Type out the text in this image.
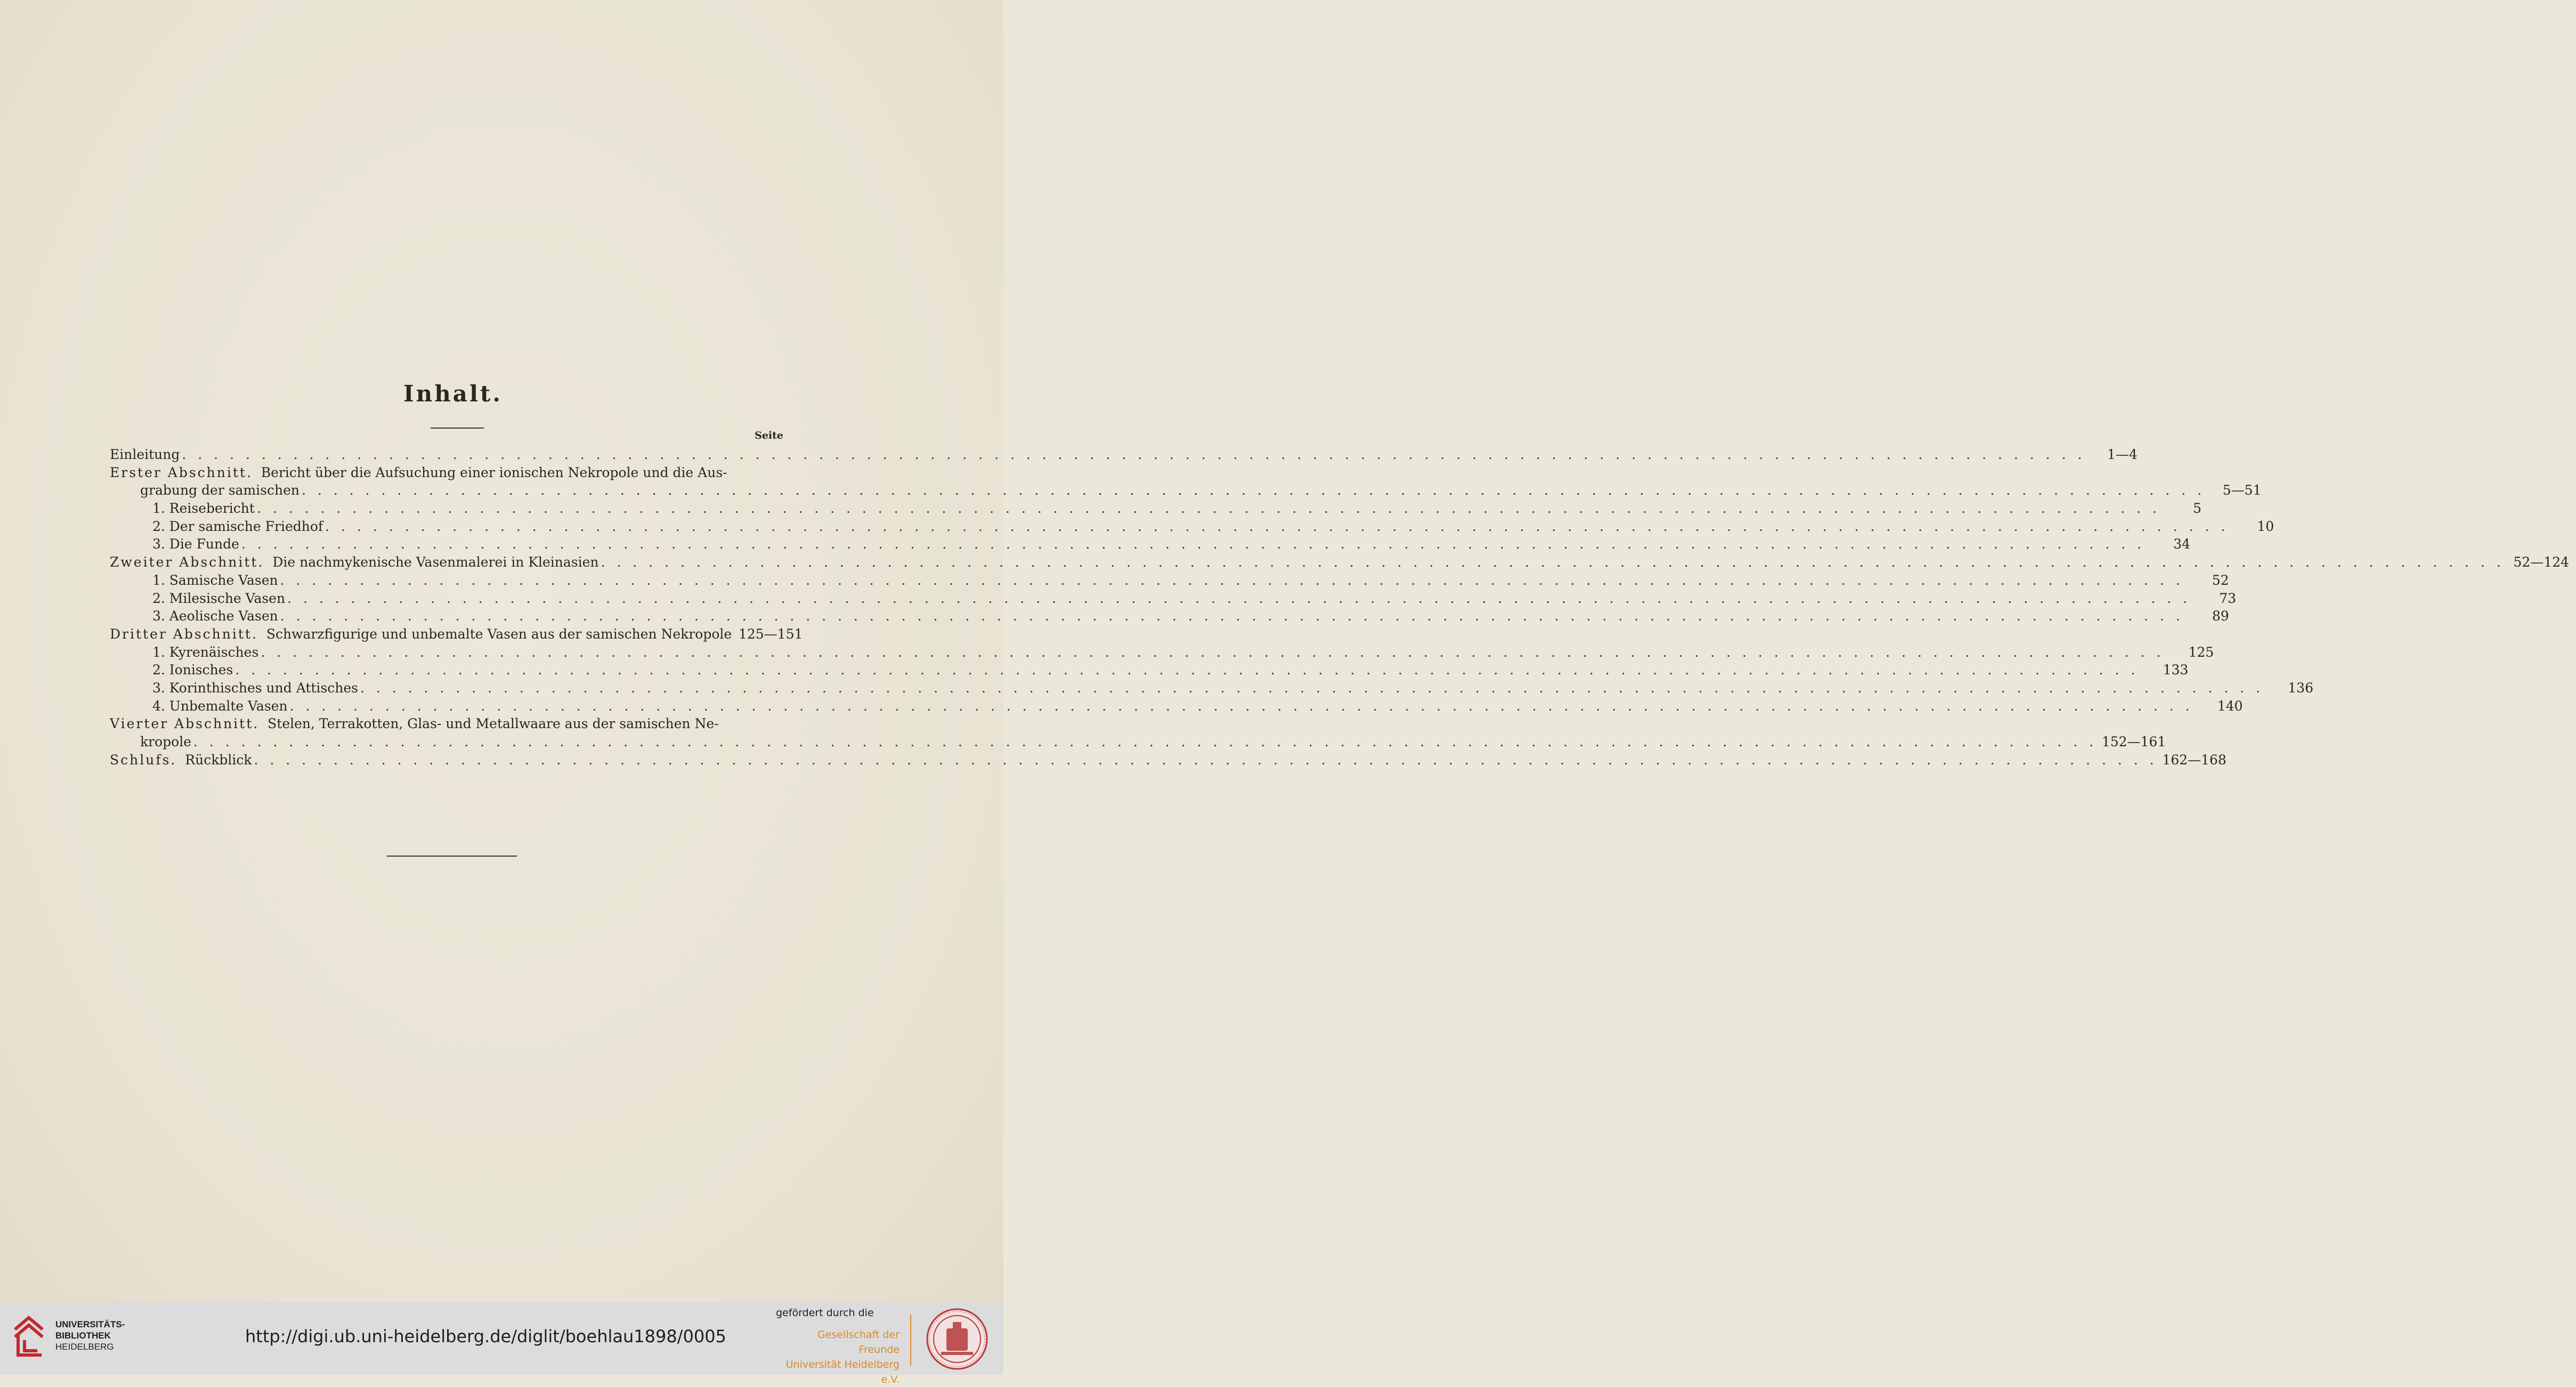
Inhalt.
Seite
Einleitung . . . . . . . . . . . . . . . . . . . . . . . . . . . . . . . . . . . . . . . . . . . . . . . . . . . . . . . . . . . . . . . . . . . . . . . . . . . . . . . . . . . . . . . . . . . . . . . . . . . . . . . . . . . . . . . . . . . . . . . .	1—4
Erster Abschnitt. Bericht über die Aufsuchung einer ionischen Nekropole und die Aus-
grabung der samischen . . . . . . . . . . . . . . . . . . . . . . . . . . . . . . . . . . . . . . . . . . . . . . . . . . . . . . . . . . . . . . . . . . . . . . . . . . . . . . . . . . . . . . . . . . . . . . . . . . . . . . . . . . . . . . . . . . . . . . . .	5—51
1. Reisebericht . . . . . . . . . . . . . . . . . . . . . . . . . . . . . . . . . . . . . . . . . . . . . . . . . . . . . . . . . . . . . . . . . . . . . . . . . . . . . . . . . . . . . . . . . . . . . . . . . . . . . . . . . . . . . . . . . . . . . . . .	5
2. Der samische Friedhof . . . . . . . . . . . . . . . . . . . . . . . . . . . . . . . . . . . . . . . . . . . . . . . . . . . . . . . . . . . . . . . . . . . . . . . . . . . . . . . . . . . . . . . . . . . . . . . . . . . . . . . . . . . . . . . . . . . . . . . .	10
3. Die Funde . . . . . . . . . . . . . . . . . . . . . . . . . . . . . . . . . . . . . . . . . . . . . . . . . . . . . . . . . . . . . . . . . . . . . . . . . . . . . . . . . . . . . . . . . . . . . . . . . . . . . . . . . . . . . . . . . . . . . . . .	34
Zweiter Abschnitt. Die nachmykenische Vasenmalerei in Kleinasien . . . . . . . . . . . . . . . . . . . . . . . . . . . . . . . . . . . . . . . . . . . . . . . . . . . . . . . . . . . . . . . . . . . . . . . . . . . . . . . . . . . . . . . . . . . . . . . . . . . . . . . . . . . . . . . . . . . . . . . . 52—124
1. Samische Vasen . . . . . . . . . . . . . . . . . . . . . . . . . . . . . . . . . . . . . . . . . . . . . . . . . . . . . . . . . . . . . . . . . . . . . . . . . . . . . . . . . . . . . . . . . . . . . . . . . . . . . . . . . . . . . . . . . . . . . . . .	52
2. Milesische Vasen . . . . . . . . . . . . . . . . . . . . . . . . . . . . . . . . . . . . . . . . . . . . . . . . . . . . . . . . . . . . . . . . . . . . . . . . . . . . . . . . . . . . . . . . . . . . . . . . . . . . . . . . . . . . . . . . . . . . . . . .	73
3. Aeolische Vasen . . . . . . . . . . . . . . . . . . . . . . . . . . . . . . . . . . . . . . . . . . . . . . . . . . . . . . . . . . . . . . . . . . . . . . . . . . . . . . . . . . . . . . . . . . . . . . . . . . . . . . . . . . . . . . . . . . . . . . . .	89
Dritter Abschnitt. Schwarzfigurige und unbemalte Vasen aus der samischen Nekropole 125—151
1. Kyrenäisches . . . . . . . . . . . . . . . . . . . . . . . . . . . . . . . . . . . . . . . . . . . . . . . . . . . . . . . . . . . . . . . . . . . . . . . . . . . . . . . . . . . . . . . . . . . . . . . . . . . . . . . . . . . . . . . . . . . . . . . .	125
2. Ionisches . . . . . . . . . . . . . . . . . . . . . . . . . . . . . . . . . . . . . . . . . . . . . . . . . . . . . . . . . . . . . . . . . . . . . . . . . . . . . . . . . . . . . . . . . . . . . . . . . . . . . . . . . . . . . . . . . . . . . . . .	133
3. Korinthisches und Attisches . . . . . . . . . . . . . . . . . . . . . . . . . . . . . . . . . . . . . . . . . . . . . . . . . . . . . . . . . . . . . . . . . . . . . . . . . . . . . . . . . . . . . . . . . . . . . . . . . . . . . . . . . . . . . . . . . . . . . . . .	136
4. Unbemalte Vasen . . . . . . . . . . . . . . . . . . . . . . . . . . . . . . . . . . . . . . . . . . . . . . . . . . . . . . . . . . . . . . . . . . . . . . . . . . . . . . . . . . . . . . . . . . . . . . . . . . . . . . . . . . . . . . . . . . . . . . . .	140
Vierter Abschnitt. Stelen, Terrakotten, Glas- und Metallwaare aus der samischen Ne-
kropole . . . . . . . . . . . . . . . . . . . . . . . . . . . . . . . . . . . . . . . . . . . . . . . . . . . . . . . . . . . . . . . . . . . . . . . . . . . . . . . . . . . . . . . . . . . . . . . . . . . . . . . . . . . . . . . . . . . . . . . . 152—161
Schlufs. Rückblick . . . . . . . . . . . . . . . . . . . . . . . . . . . . . . . . . . . . . . . . . . . . . . . . . . . . . . . . . . . . . . . . . . . . . . . . . . . . . . . . . . . . . . . . . . . . . . . . . . . . . . . . . . . . . . . . . . . . . . . . 162—168
UNIVERSITÄTS-
BIBLIOTHEK
HEIDELBERG
http://digi.ub.uni-heidelberg.de/diglit/boehlau1898/0005
gefördert durch die
Gesellschaft der Freunde
Universität Heidelberg e.V.
